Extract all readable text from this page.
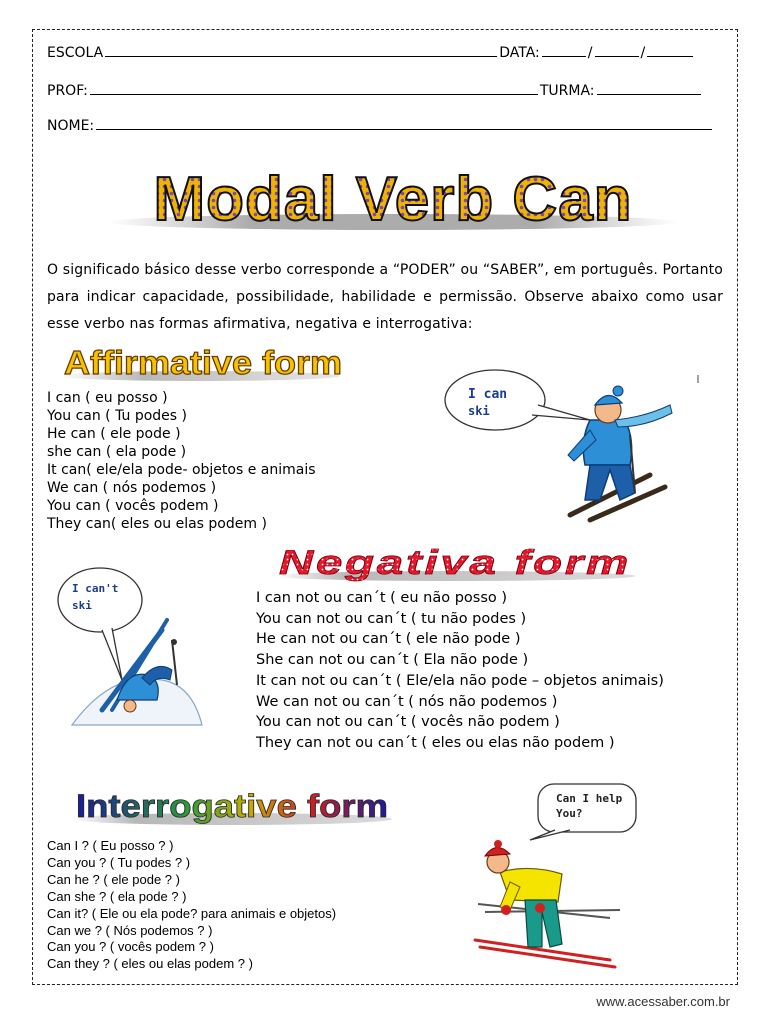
ESCOLA	DATA:	/	/
PROF:	TURMA:
NOME:
Modal Verb Can
O significado básico desse verbo corresponde a “PODER” ou “SABER”, em português. Portanto para indicar capacidade, possibilidade, habilidade e permissão. Observe abaixo como usar esse verbo nas formas afirmativa, negativa e interrogativa:
Affirmative form
I can ( eu posso )
You can ( Tu podes )
He can ( ele pode )
she can ( ela pode )
It can( ele/ela pode- objetos e animais
We can ( nós podemos )
You can ( vocês podem )
They can( eles ou elas podem )
I can
ski
Negativa form
I can't
ski	I can not ou can´t ( eu não posso )
You can not ou can´t ( tu não podes )
He can not ou can´t ( ele não pode )
She can not ou can´t ( Ela não pode )
It can not ou can´t ( Ele/ela não pode – objetos animais)
We can not ou can´t ( nós não podemos )
You can not ou can´t ( vocês não podem )
They can not ou can´t ( eles ou elas não podem )
Interrogative form
Can I ? ( Eu posso ? )
Can you ? ( Tu podes ? )
Can he ? ( ele pode ? )
Can she ? ( ela pode ? )
Can it? ( Ele ou ela pode? para animais e objetos)
Can we ? ( Nós podemos ? )
Can you ? ( vocês podem ? )
Can they ? ( eles ou elas podem ? )
Can I help
You?
www.acessaber.com.br
